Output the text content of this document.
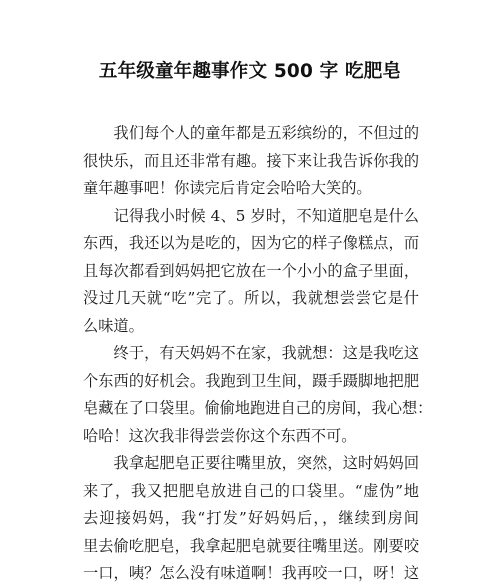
五年级童年趣事作文 500 字 吃肥皂
　　我们每个人的童年都是五彩缤纷的，不但过的
很快乐，而且还非常有趣。接下来让我告诉你我的
童年趣事吧！你读完后肯定会哈哈大笑的。
　　记得我小时候 4、5 岁时，不知道肥皂是什么
东西，我还以为是吃的，因为它的样子像糕点，而
且每次都看到妈妈把它放在一个小小的盒子里面，
没过几天就“吃”完了。所以，我就想尝尝它是什
么味道。
　　终于，有天妈妈不在家，我就想：这是我吃这
个东西的好机会。我跑到卫生间，蹑手蹑脚地把肥
皂藏在了口袋里。偷偷地跑进自己的房间，我心想：
哈哈！这次我非得尝尝你这个东西不可。
　　我拿起肥皂正要往嘴里放，突然，这时妈妈回
来了，我又把肥皂放进自己的口袋里。“虚伪”地
去迎接妈妈，我“打发”好妈妈后，，继续到房间
里去偷吃肥皂，我拿起肥皂就要往嘴里送。刚要咬
一口，咦？怎么没有味道啊！我再咬一口，呀！这
